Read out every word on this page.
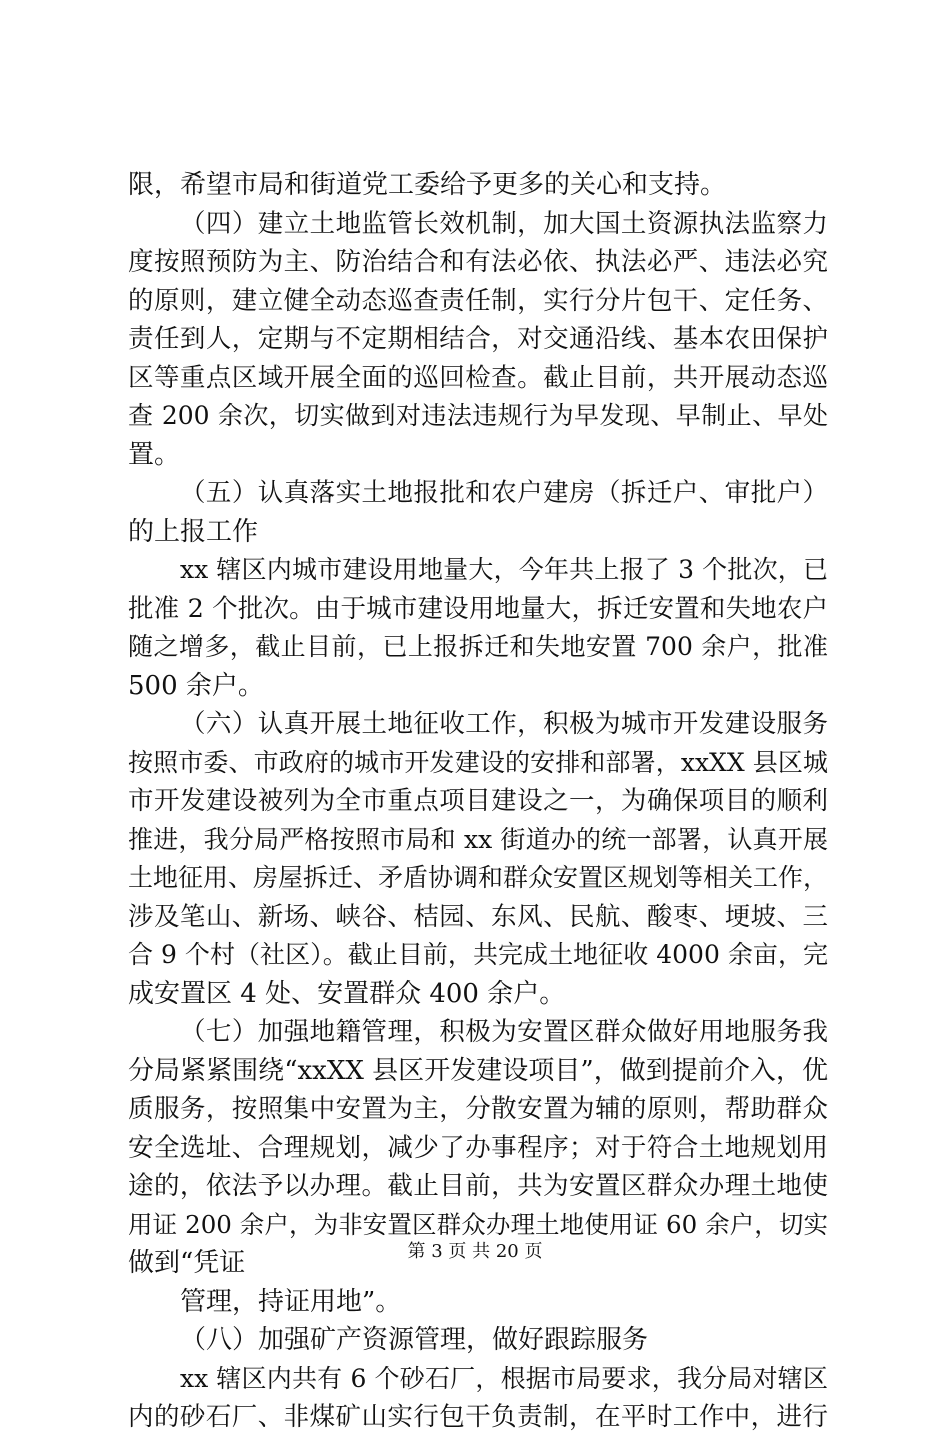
限，希望市局和街道党工委给予更多的关心和支持。
（四）建立土地监管长效机制，加大国土资源执法监察力
度按照预防为主、防治结合和有法必依、执法必严、违法必究
的原则，建立健全动态巡查责任制，实行分片包干、定任务、
责任到人，定期与不定期相结合，对交通沿线、基本农田保护
区等重点区域开展全面的巡回检查。截止目前，共开展动态巡
查 200 余次，切实做到对违法违规行为早发现、早制止、早处
置。
（五）认真落实土地报批和农户建房（拆迁户、审批户）
的上报工作
xx 辖区内城市建设用地量大，今年共上报了 3 个批次，已
批准 2 个批次。由于城市建设用地量大，拆迁安置和失地农户
随之增多，截止目前，已上报拆迁和失地安置 700 余户，批准
500 余户。
（六）认真开展土地征收工作，积极为城市开发建设服务
按照市委、市政府的城市开发建设的安排和部署，xxXX 县区城
市开发建设被列为全市重点项目建设之一，为确保项目的顺利
推进，我分局严格按照市局和 xx 街道办的统一部署，认真开展
土地征用、房屋拆迁、矛盾协调和群众安置区规划等相关工作，
涉及笔山、新场、峡谷、桔园、东风、民航、酸枣、埂坡、三
合 9 个村（社区）。截止目前，共完成土地征收 4000 余亩，完
成安置区 4 处、安置群众 400 余户。
（七）加强地籍管理，积极为安置区群众做好用地服务我
分局紧紧围绕“xxXX 县区开发建设项目”，做到提前介入，优
质服务，按照集中安置为主，分散安置为辅的原则，帮助群众
安全选址、合理规划，减少了办事程序；对于符合土地规划用
途的，依法予以办理。截止目前，共为安置区群众办理土地使
用证 200 余户，为非安置区群众办理土地使用证 60 余户，切实
做到“凭证
管理，持证用地”。
（八）加强矿产资源管理，做好跟踪服务
xx 辖区内共有 6 个砂石厂，根据市局要求，我分局对辖区
内的砂石厂、非煤矿山实行包干负责制，在平时工作中，进行
第 3 页 共 20 页
